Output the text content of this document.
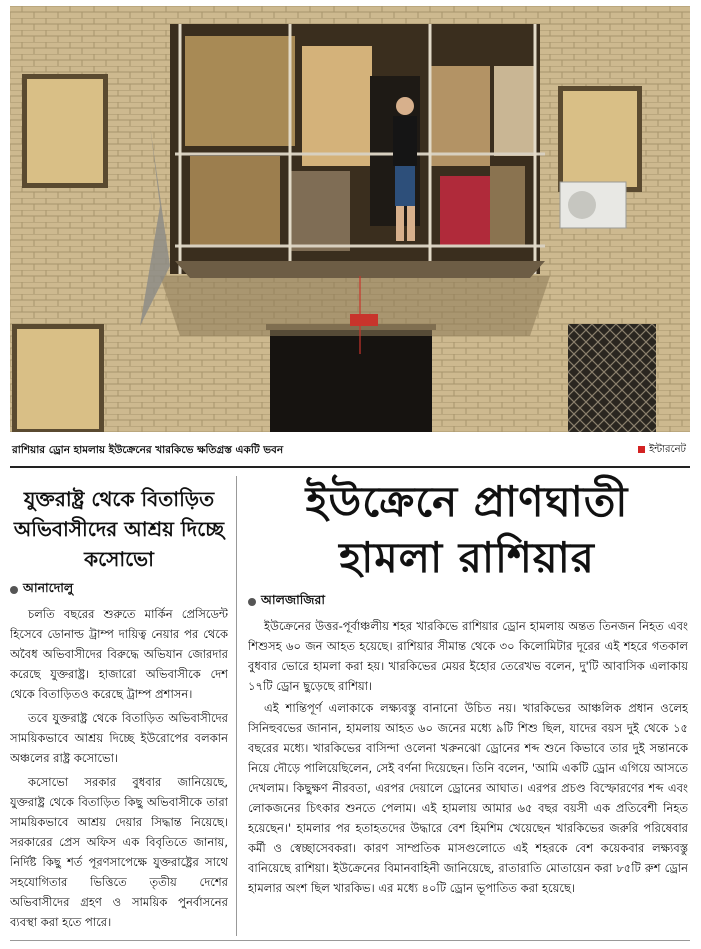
রাশিয়ার ড্রোন হামলায় ইউক্রেনের খারকিভে ক্ষতিগ্রস্ত একটি ভবন	ইন্টারনেট
যুক্তরাষ্ট্র থেকে বিতাড়িত অভিবাসীদের আশ্রয় দিচ্ছে কসোভো
আনাদোলু

চলতি বছরের শুরুতে মার্কিন প্রেসিডেন্ট হিসেবে ডোনাল্ড ট্রাম্প দায়িত্ব নেয়ার পর থেকে অবৈধ অভিবাসীদের বিরুদ্ধে অভিযান জোরদার করেছে যুক্তরাষ্ট্র। হাজারো অভিবাসীকে দেশ থেকে বিতাড়িতও করেছে ট্রাম্প প্রশাসন।

তবে যুক্তরাষ্ট্র থেকে বিতাড়িত অভিবাসীদের সাময়িকভাবে আশ্রয় দিচ্ছে ইউরোপের বলকান অঞ্চলের রাষ্ট্র কসোভো।

কসোভো সরকার বুধবার জানিয়েছে, যুক্তরাষ্ট্র থেকে বিতাড়িত কিছু অভিবাসীকে তারা সাময়িকভাবে আশ্রয় দেয়ার সিদ্ধান্ত নিয়েছে। সরকারের প্রেস অফিস এক বিবৃতিতে জানায়, নির্দিষ্ট কিছু শর্ত পূরণসাপেক্ষে যুক্তরাষ্ট্রের সাথে সহযোগিতার ভিত্তিতে তৃতীয় দেশের অভিবাসীদের গ্রহণ ও সাময়িক পুনর্বাসনের ব্যবস্থা করা হতে পারে।

ইউক্রেনে প্রাণঘাতী
হামলা রাশিয়ার
আলজাজিরা

ইউক্রেনের উত্তর-পূর্বাঞ্চলীয় শহর খারকিভে রাশিয়ার ড্রোন হামলায় অন্তত তিনজন নিহত এবং শিশুসহ ৬০ জন আহত হয়েছে। রাশিয়ার সীমান্ত থেকে ৩০ কিলোমিটার দূরের এই শহরে গতকাল বুধবার ভোরে হামলা করা হয়। খারকিভের মেয়র ইহোর তেরেখভ বলেন, দু'টি আবাসিক এলাকায় ১৭টি ড্রোন ছুড়েছে রাশিয়া।

এই শান্তিপূর্ণ এলাকাকে লক্ষ্যবস্তু বানানো উচিত নয়। খারকিভের আঞ্চলিক প্রধান ওলেহ সিনিহুবভের জানান, হামলায় আহত ৬০ জনের মধ্যে ৯টি শিশু ছিল, যাদের বয়স দুই থেকে ১৫ বছরের মধ্যে। খারকিভের বাসিন্দা ওলেনা খরুনঝো ড্রোনের শব্দ শুনে কিভাবে তার দুই সন্তানকে নিয়ে দৌড়ে পালিয়েছিলেন, সেই বর্ণনা দিয়েছেন। তিনি বলেন, 'আমি একটি ড্রোন এগিয়ে আসতে দেখলাম। কিছুক্ষণ নীরবতা, এরপর দেয়ালে ড্রোনের আঘাত। এরপর প্রচণ্ড বিস্ফোরণের শব্দ এবং লোকজনের চিৎকার শুনতে পেলাম। এই হামলায় আমার ৬৫ বছর বয়সী এক প্রতিবেশী নিহত হয়েছেন।' হামলার পর হতাহতদের উদ্ধারে বেশ হিমশিম খেয়েছেন খারকিভের জরুরি পরিষেবার কর্মী ও স্বেচ্ছাসেবকরা। কারণ সাম্প্রতিক মাসগুলোতে এই শহরকে বেশ কয়েকবার লক্ষ্যবস্তু বানিয়েছে রাশিয়া। ইউক্রেনের বিমানবাহিনী জানিয়েছে, রাতারাতি মোতায়েন করা ৮৫টি রুশ ড্রোন হামলার অংশ ছিল খারকিভ। এর মধ্যে ৪০টি ড্রোন ভূপাতিত করা হয়েছে।
